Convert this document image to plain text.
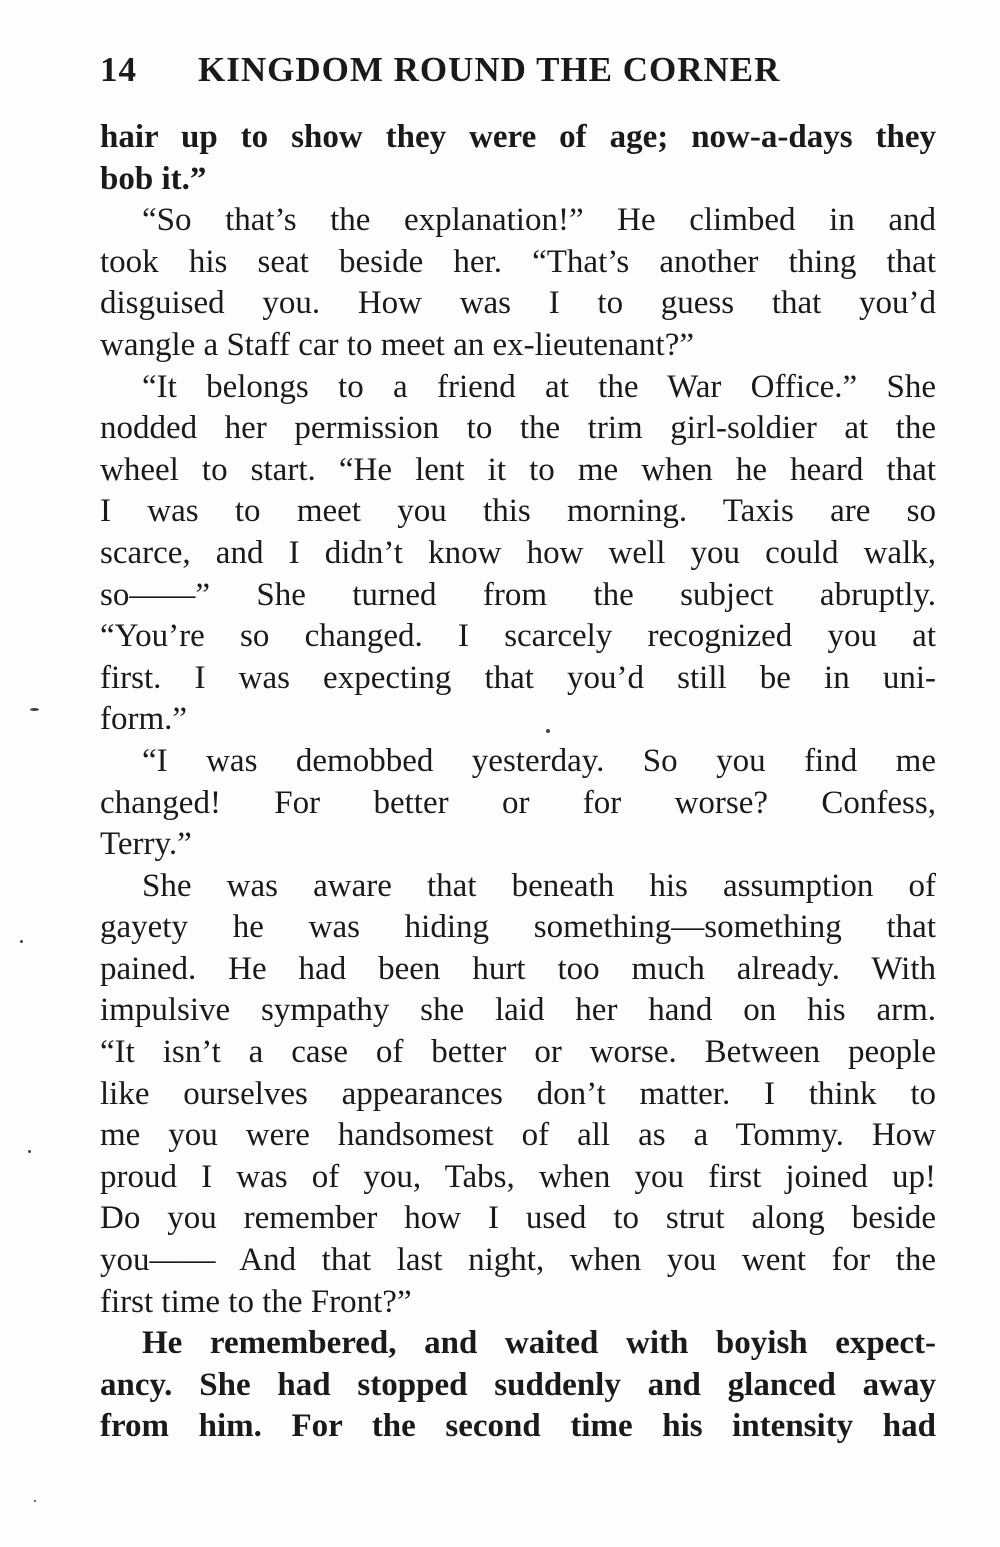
14 KINGDOM ROUND THE CORNER
hair up to show they were of age; now-a-days they
bob it.”
“So that’s the explanation!” He climbed in and
took his seat beside her. “That’s another thing that
disguised you. How was I to guess that you’d
wangle a Staff car to meet an ex-lieutenant?”
“It belongs to a friend at the War Office.” She
nodded her permission to the trim girl-soldier at the
wheel to start. “He lent it to me when he heard that
I was to meet you this morning. Taxis are so
scarce, and I didn’t know how well you could walk,
so——” She turned from the subject abruptly.
“You’re so changed. I scarcely recognized you at
first. I was expecting that you’d still be in uni-
form.”
“I was demobbed yesterday. So you find me
changed! For better or for worse? Confess,
Terry.”
She was aware that beneath his assumption of
gayety he was hiding something—something that
pained. He had been hurt too much already. With
impulsive sympathy she laid her hand on his arm.
“It isn’t a case of better or worse. Between people
like ourselves appearances don’t matter. I think to
me you were handsomest of all as a Tommy. How
proud I was of you, Tabs, when you first joined up!
Do you remember how I used to strut along beside
you—— And that last night, when you went for the
first time to the Front?”
He remembered, and waited with boyish expect-
ancy. She had stopped suddenly and glanced away
from him. For the second time his intensity had
